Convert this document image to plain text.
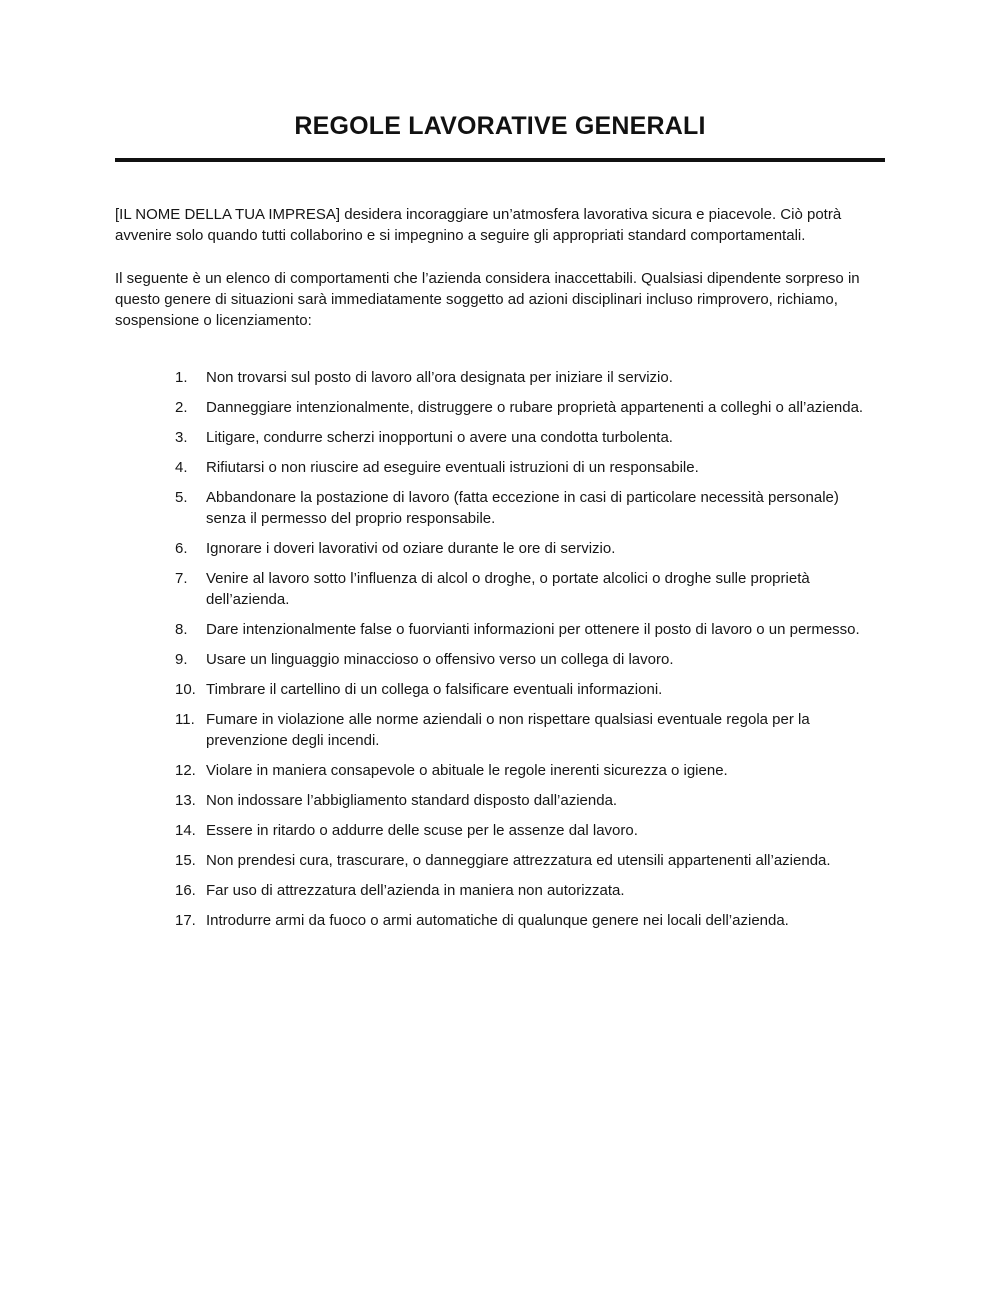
REGOLE LAVORATIVE GENERALI

[IL NOME DELLA TUA IMPRESA] desidera incoraggiare un’atmosfera lavorativa sicura e piacevole. Ciò potrà avvenire solo quando tutti collaborino e si impegnino a seguire gli appropriati standard comportamentali.

Il seguente è un elenco di comportamenti che l’azienda considera inaccettabili. Qualsiasi dipendente sorpreso in questo genere di situazioni sarà immediatamente soggetto ad azioni disciplinari incluso rimprovero, richiamo, sospensione o licenziamento:

1.	Non trovarsi sul posto di lavoro all’ora designata per iniziare il servizio.
2.	Danneggiare intenzionalmente, distruggere o rubare proprietà appartenenti a colleghi o all’azienda.
3.	Litigare, condurre scherzi inopportuni o avere una condotta turbolenta.
4.	Rifiutarsi o non riuscire ad eseguire eventuali istruzioni di un responsabile.
5.	Abbandonare la postazione di lavoro (fatta eccezione in casi di particolare necessità personale) senza il permesso del proprio responsabile.
6.	Ignorare i doveri lavorativi od oziare durante le ore di servizio.
7.	Venire al lavoro sotto l’influenza di alcol o droghe, o portate alcolici o droghe sulle proprietà dell’azienda.
8.	Dare intenzionalmente false o fuorvianti informazioni per ottenere il posto di lavoro o un permesso.
9.	Usare un linguaggio minaccioso o offensivo verso un collega di lavoro.
10. Timbrare il cartellino di un collega o falsificare eventuali informazioni.
11. Fumare in violazione alle norme aziendali o non rispettare qualsiasi eventuale regola per la prevenzione degli incendi.
12. Violare in maniera consapevole o abituale le regole inerenti sicurezza o igiene.
13. Non indossare l’abbigliamento standard disposto dall’azienda.
14. Essere in ritardo o addurre delle scuse per le assenze dal lavoro.
15. Non prendesi cura, trascurare, o danneggiare attrezzatura ed utensili appartenenti all’azienda.
16. Far uso di attrezzatura dell’azienda in maniera non autorizzata.
17. Introdurre armi da fuoco o armi automatiche di qualunque genere nei locali dell’azienda.
